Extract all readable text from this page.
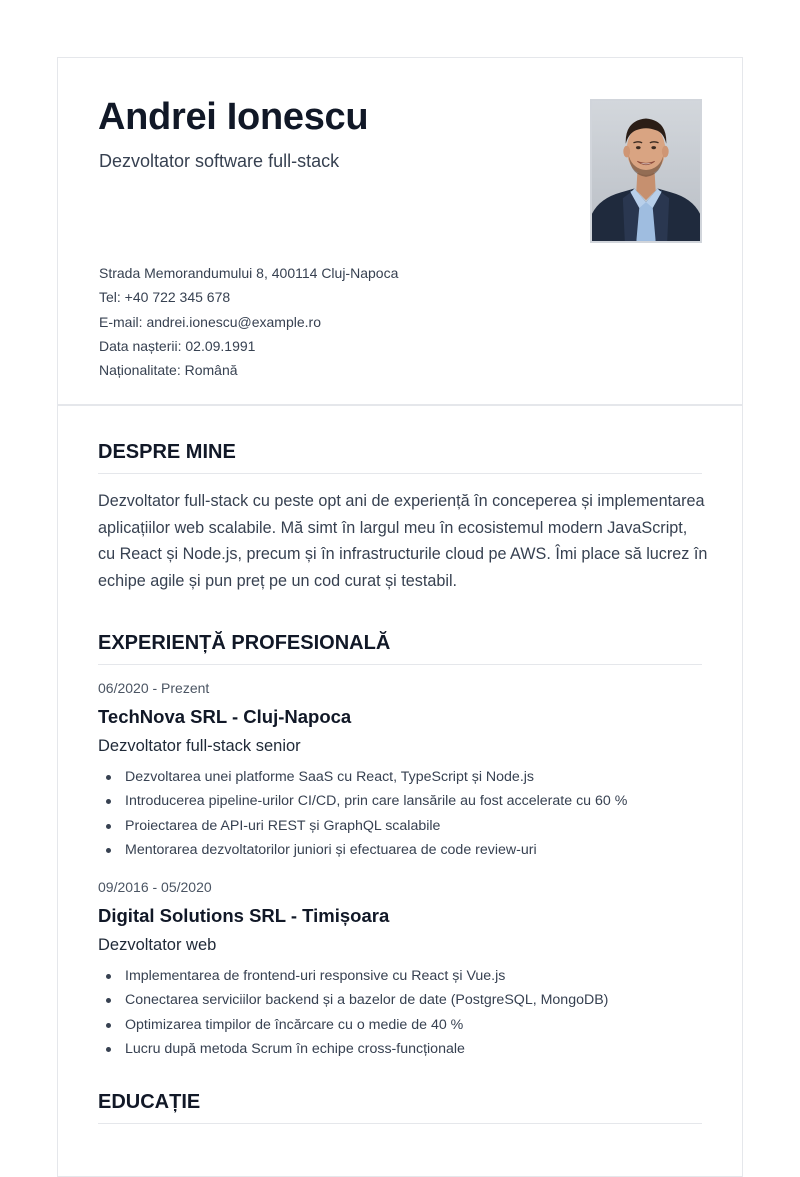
Andrei Ionescu

Dezvoltator software full-stack

Strada Memorandumului 8, 400114 Cluj-Napoca
Tel: +40 722 345 678
E-mail: andrei.ionescu@example.ro
Data nașterii: 02.09.1991
Naționalitate: Română
DESPRE MINE

Dezvoltator full-stack cu peste opt ani de experiență în conceperea și implementarea aplicațiilor web scalabile. Mă simt în largul meu în ecosistemul modern JavaScript, cu React și Node.js, precum și în infrastructurile cloud pe AWS. Îmi place să lucrez în echipe agile și pun preț pe un cod curat și testabil.

EXPERIENȚĂ PROFESIONALĂ
06/2020 - Prezent
TechNova SRL - Cluj-Napoca

Dezvoltator full-stack senior

Dezvoltarea unei platforme SaaS cu React, TypeScript și Node.js
Introducerea pipeline-urilor CI/CD, prin care lansările au fost accelerate cu 60 %
Proiectarea de API-uri REST și GraphQL scalabile
Mentorarea dezvoltatorilor juniori și efectuarea de code review-uri
09/2016 - 05/2020
Digital Solutions SRL - Timișoara

Dezvoltator web

Implementarea de frontend-uri responsive cu React și Vue.js
Conectarea serviciilor backend și a bazelor de date (PostgreSQL, MongoDB)
Optimizarea timpilor de încărcare cu o medie de 40 %
Lucru după metoda Scrum în echipe cross-funcționale
EDUCAȚIE
